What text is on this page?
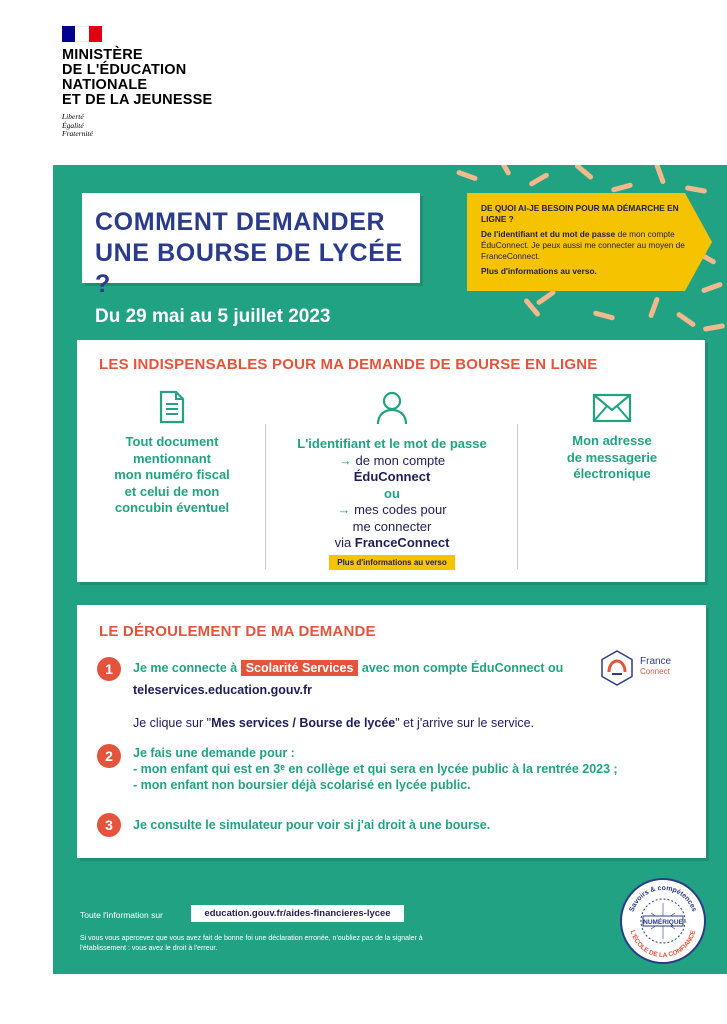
MINISTÈRE
DE L'ÉDUCATION
NATIONALE
ET DE LA JEUNESSE
Liberté
Égalité
Fraternité
COMMENT DEMANDER
UNE BOURSE DE LYCÉE ?
DE QUOI AI-JE BESOIN POUR MA DÉMARCHE EN LIGNE ?
De l'identifiant et du mot de passe de mon compte ÉduConnect. Je peux aussi me connecter au moyen de FranceConnect.
Plus d'informations au verso.
Du 29 mai au 5 juillet 2023
LES INDISPENSABLES POUR MA DEMANDE DE BOURSE EN LIGNE
Tout document
mentionnant
mon numéro fiscal
et celui de mon
concubin éventuel
L'identifiant et le mot de passe
→ de mon compte
ÉduConnect
ou
→ mes codes pour
me connecter
via FranceConnect
Plus d'informations au verso
Mon adresse
de messagerie
électronique
LE DÉROULEMENT DE MA DEMANDE
1	Je me connecte à Scolarité Services avec mon compte ÉduConnect ou
teleservices.education.gouv.fr
Je clique sur "Mes services / Bourse de lycée" et j'arrive sur le service.
2	Je fais une demande pour :
- mon enfant qui est en 3ᵉ en collège et qui sera en lycée public à la rentrée 2023 ;
- mon enfant non boursier déjà scolarisé en lycée public.
3	Je consulte le simulateur pour voir si j'ai droit à une bourse.
France
Connect
Toute l'information sur	education.gouv.fr/aides-financieres-lycee
Si vous vous apercevez que vous avez fait de bonne foi une déclaration erronée, n'oubliez pas de la signaler à l'établissement : vous avez le droit à l'erreur.
Savoirs & compétences
NUMÉRIQUE
L'ÉCOLE DE LA CONFIANCE
